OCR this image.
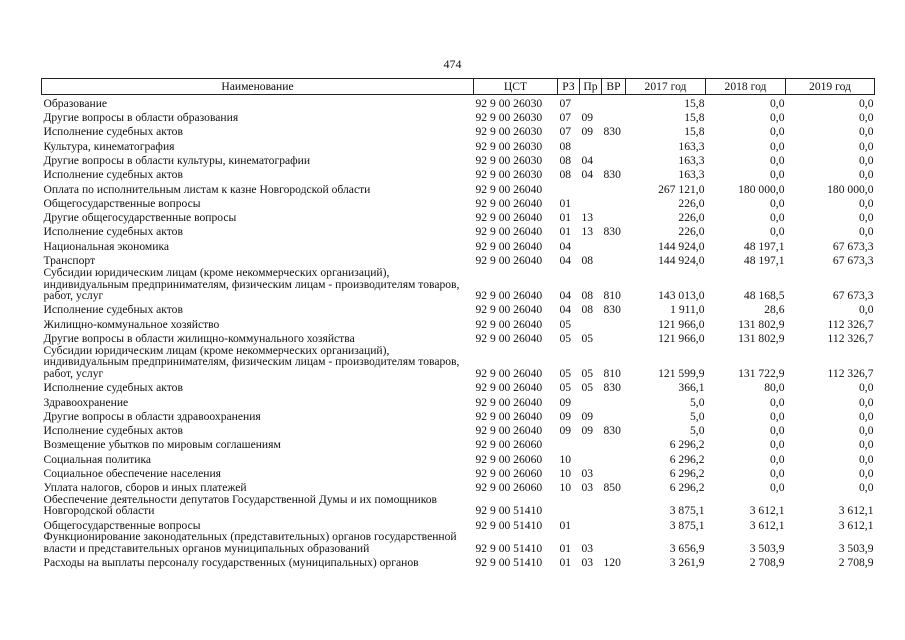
474
Наименование	ЦСТ	РЗ	Пр	ВР	2017 год	2018 год	2019 год
Образование	92 9 00 26030	07			15,8	0,0	0,0
Другие вопросы в области образования	92 9 00 26030	07	09		15,8	0,0	0,0
Исполнение судебных актов	92 9 00 26030	07	09	830	15,8	0,0	0,0
Культура, кинематография	92 9 00 26030	08			163,3	0,0	0,0
Другие вопросы в области культуры, кинематографии	92 9 00 26030	08	04		163,3	0,0	0,0
Исполнение судебных актов	92 9 00 26030	08	04	830	163,3	0,0	0,0
Оплата по исполнительным листам к казне Новгородской области	92 9 00 26040				267 121,0	180 000,0	180 000,0
Общегосударственные вопросы	92 9 00 26040	01			226,0	0,0	0,0
Другие общегосударственные вопросы	92 9 00 26040	01	13		226,0	0,0	0,0
Исполнение судебных актов	92 9 00 26040	01	13	830	226,0	0,0	0,0
Национальная экономика	92 9 00 26040	04			144 924,0	48 197,1	67 673,3
Транспорт	92 9 00 26040	04	08		144 924,0	48 197,1	67 673,3
Субсидии юридическим лицам (кроме некоммерческих организаций), индивидуальным предпринимателям, физическим лицам - производителям товаров, работ, услуг	92 9 00 26040	04	08	810	143 013,0	48 168,5	67 673,3
Исполнение судебных актов	92 9 00 26040	04	08	830	1 911,0	28,6	0,0
Жилищно-коммунальное хозяйство	92 9 00 26040	05			121 966,0	131 802,9	112 326,7
Другие вопросы в области жилищно-коммунального хозяйства	92 9 00 26040	05	05		121 966,0	131 802,9	112 326,7
Субсидии юридическим лицам (кроме некоммерческих организаций), индивидуальным предпринимателям, физическим лицам - производителям товаров, работ, услуг	92 9 00 26040	05	05	810	121 599,9	131 722,9	112 326,7
Исполнение судебных актов	92 9 00 26040	05	05	830	366,1	80,0	0,0
Здравоохранение	92 9 00 26040	09			5,0	0,0	0,0
Другие вопросы в области здравоохранения	92 9 00 26040	09	09		5,0	0,0	0,0
Исполнение судебных актов	92 9 00 26040	09	09	830	5,0	0,0	0,0
Возмещение убытков по мировым соглашениям	92 9 00 26060				6 296,2	0,0	0,0
Социальная политика	92 9 00 26060	10			6 296,2	0,0	0,0
Социальное обеспечение населения	92 9 00 26060	10	03		6 296,2	0,0	0,0
Уплата налогов, сборов и иных платежей	92 9 00 26060	10	03	850	6 296,2	0,0	0,0
Обеспечение деятельности депутатов Государственной Думы и их помощников Новгородской области	92 9 00 51410				3 875,1	3 612,1	3 612,1
Общегосударственные вопросы	92 9 00 51410	01			3 875,1	3 612,1	3 612,1
Функционирование законодательных (представительных) органов государственной власти и представительных органов муниципальных образований	92 9 00 51410	01	03		3 656,9	3 503,9	3 503,9
Расходы на выплаты персоналу государственных (муниципальных) органов	92 9 00 51410	01	03	120	3 261,9	2 708,9	2 708,9
